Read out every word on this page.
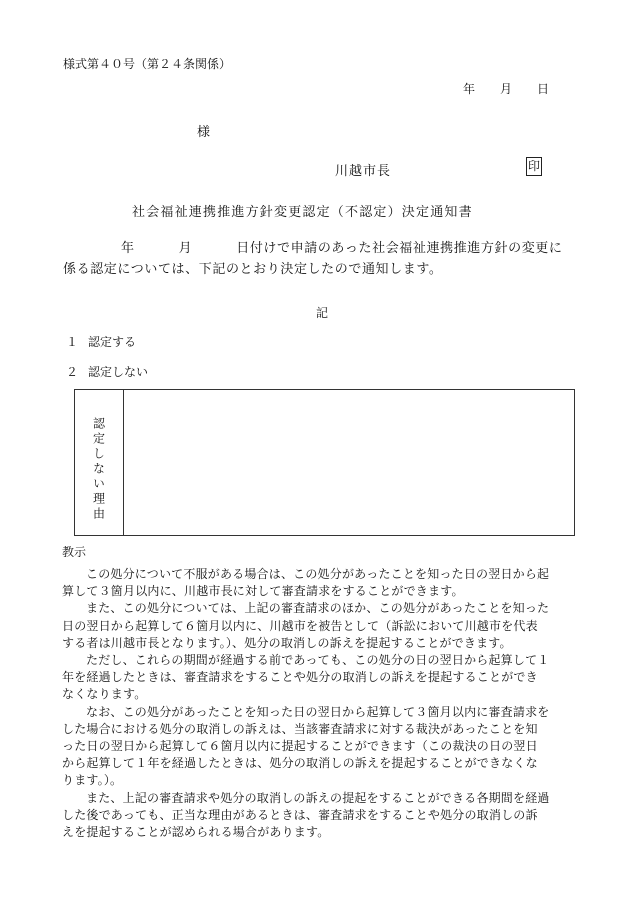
様式第４０号（第２４条関係）
年 月 日
様
川越市長	印
社会福祉連携推進方針変更認定（不認定）決定通知書
年	月	日付けで申請のあった社会福祉連携推進方針の変更に
係る認定については、下記のとおり決定したので通知します。
記
１ 認定する
２ 認定しない
認定しない理由
教示

この処分について不服がある場合は、この処分があったことを知った日の翌日から起
算して３箇月以内に、川越市長に対して審査請求をすることができます。

また、この処分については、上記の審査請求のほか、この処分があったことを知った
日の翌日から起算して６箇月以内に、川越市を被告として（訴訟において川越市を代表
する者は川越市長となります。）、処分の取消しの訴えを提起することができます。

ただし、これらの期間が経過する前であっても、この処分の日の翌日から起算して１
年を経過したときは、審査請求をすることや処分の取消しの訴えを提起することができ
なくなります。

なお、この処分があったことを知った日の翌日から起算して３箇月以内に審査請求を
した場合における処分の取消しの訴えは、当該審査請求に対する裁決があったことを知
った日の翌日から起算して６箇月以内に提起することができます（この裁決の日の翌日
から起算して１年を経過したときは、処分の取消しの訴えを提起することができなくな
ります。）。

また、上記の審査請求や処分の取消しの訴えの提起をすることができる各期間を経過
した後であっても、正当な理由があるときは、審査請求をすることや処分の取消しの訴
えを提起することが認められる場合があります。
